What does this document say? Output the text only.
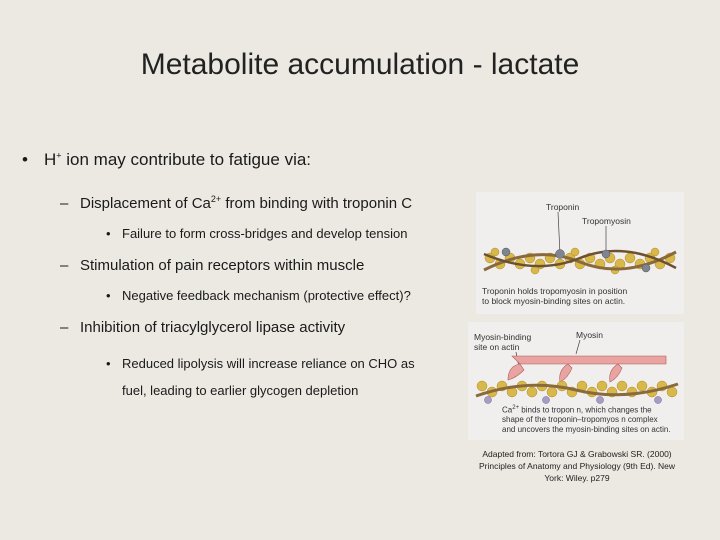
Metabolite accumulation - lactate
• H+ ion may contribute to fatigue via:
– Displacement of $Ca^{2+}$ from binding with troponin C
• Failure to form cross-bridges and develop tension
– Stimulation of pain receptors within muscle
• Negative feedback mechanism (protective effect)?
– Inhibition of triacylglycerol lipase activity
• Reduced lipolysis will increase reliance on CHO as
fuel, leading to earlier glycogen depletion
Troponin
Tropomyosin
Troponin holds tropomyosin in position
to block myosin-binding sites on actin.
Myosin-binding
site on actin
Myosin
$Ca^{2+}$ binds to tropon n, which changes the
shape of the troponin–tropomyos n complex
and uncovers the myosin-binding sites on actin.
Adapted from: Tortora GJ & Grabowski SR. (2000)
Principles of Anatomy and Physiology (9th Ed). New
York: Wiley. p279
